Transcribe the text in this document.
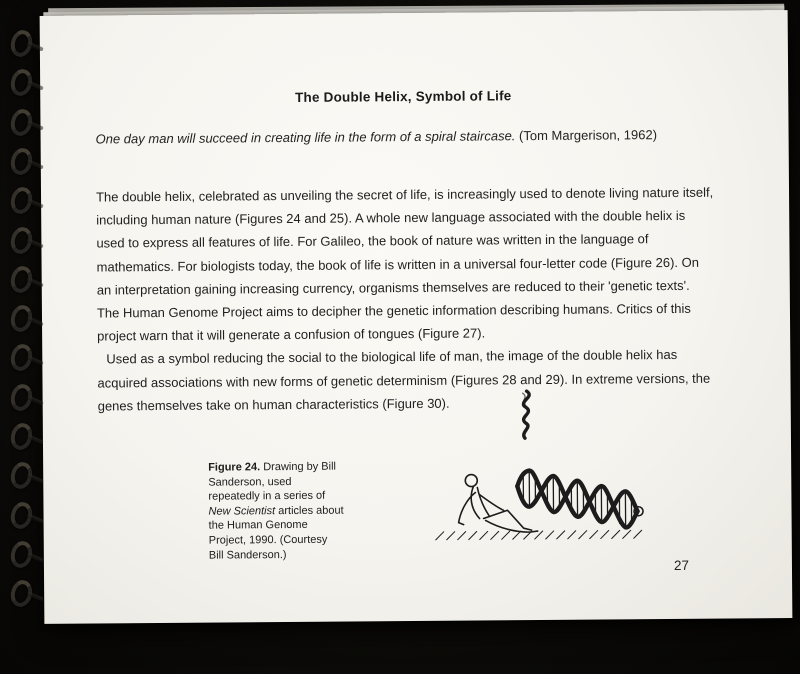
The Double Helix, Symbol of Life
One day man will succeed in creating life in the form of a spiral staircase. (Tom Margerison, 1962)

The double helix, celebrated as unveiling the secret of life, is increasingly used to denote living nature itself, including human nature (Figures 24 and 25). A whole new language associated with the double helix is used to express all features of life. For Galileo, the book of nature was written in the language of mathematics. For biologists today, the book of life is written in a universal four-letter code (Figure 26). On an interpretation gaining increasing currency, organisms themselves are reduced to their 'genetic texts'. The Human Genome Project aims to decipher the genetic information describing humans. Critics of this project warn that it will generate a confusion of tongues (Figure 27).

Used as a symbol reducing the social to the biological life of man, the image of the double helix has acquired associations with new forms of genetic determinism (Figures 28 and 29). In extreme versions, the genes themselves take on human characteristics (Figure 30).

Figure 24. Drawing by Bill Sanderson, used repeatedly in a series of New Scientist articles about the Human Genome Project, 1990. (Courtesy Bill Sanderson.)
27
